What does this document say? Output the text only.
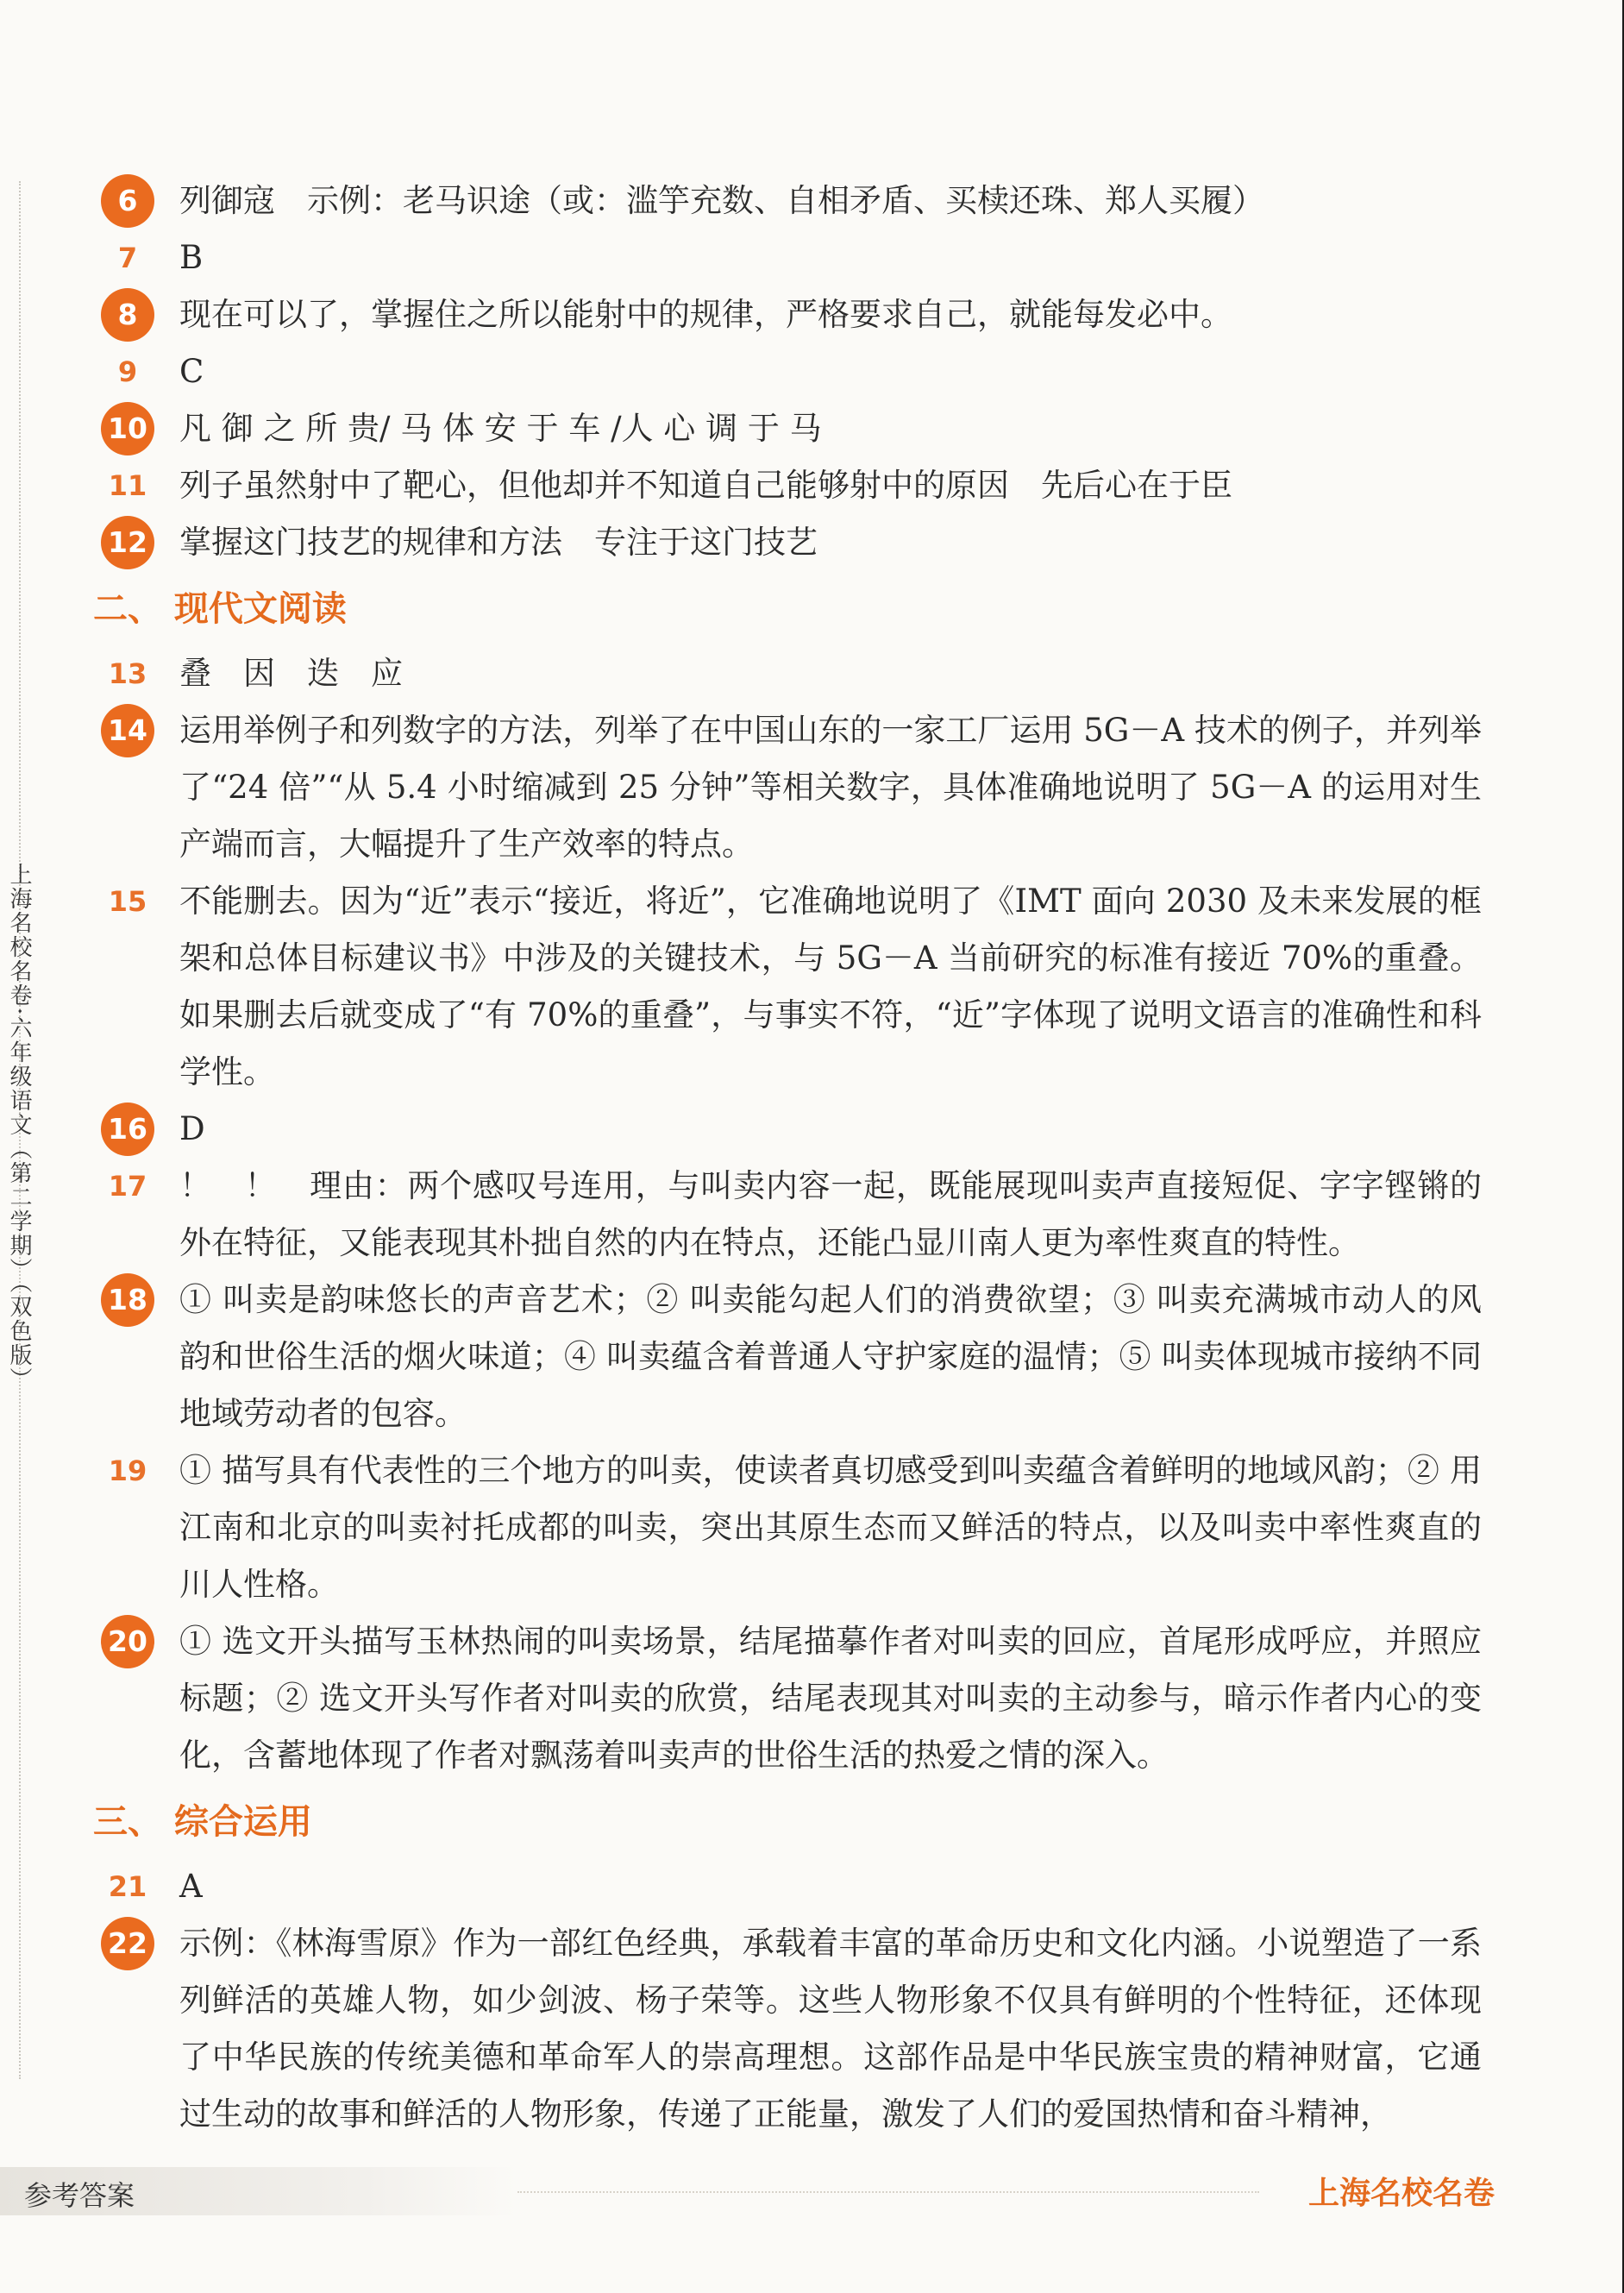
上海名校名卷·六年级语文（第二学期）（双色版）
6	列御寇　示例：老马识途（或：滥竽充数、自相矛盾、买椟还珠、郑人买履）
7	B
8	现在可以了，掌握住之所以能射中的规律，严格要求自己，就能每发必中。
9	C
10	凡 御 之 所 贵/ 马 体 安 于 车 /人 心 调 于 马
11	列子虽然射中了靶心，但他却并不知道自己能够射中的原因　先后心在于臣
12	掌握这门技艺的规律和方法　专注于这门技艺
二、 现代文阅读
13	叠　因　迭　应
14	运用举例子和列数字的方法，列举了在中国山东的一家工厂运用 5G－A 技术的例子，并列举了“24 倍”“从 5.4 小时缩减到 25 分钟”等相关数字，具体准确地说明了 5G－A 的运用对生产端而言，大幅提升了生产效率的特点。
15	不能删去。因为“近”表示“接近，将近”，它准确地说明了《IMT 面向 2030 及未来发展的框架和总体目标建议书》中涉及的关键技术，与 5G－A 当前研究的标准有接近 70%的重叠。如果删去后就变成了“有 70%的重叠”，与事实不符，“近”字体现了说明文语言的准确性和科学性。
16	D
17	！　！　理由：两个感叹号连用，与叫卖内容一起，既能展现叫卖声直接短促、字字铿锵的外在特征，又能表现其朴拙自然的内在特点，还能凸显川南人更为率性爽直的特性。
18	① 叫卖是韵味悠长的声音艺术；② 叫卖能勾起人们的消费欲望；③ 叫卖充满城市动人的风韵和世俗生活的烟火味道；④ 叫卖蕴含着普通人守护家庭的温情；⑤ 叫卖体现城市接纳不同地域劳动者的包容。
19	① 描写具有代表性的三个地方的叫卖，使读者真切感受到叫卖蕴含着鲜明的地域风韵；② 用江南和北京的叫卖衬托成都的叫卖，突出其原生态而又鲜活的特点，以及叫卖中率性爽直的川人性格。
20	① 选文开头描写玉林热闹的叫卖场景，结尾描摹作者对叫卖的回应，首尾形成呼应，并照应标题；② 选文开头写作者对叫卖的欣赏，结尾表现其对叫卖的主动参与，暗示作者内心的变化，含蓄地体现了作者对飘荡着叫卖声的世俗生活的热爱之情的深入。
三、 综合运用
21	A
22	示例：《林海雪原》作为一部红色经典，承载着丰富的革命历史和文化内涵。小说塑造了一系列鲜活的英雄人物，如少剑波、杨子荣等。这些人物形象不仅具有鲜明的个性特征，还体现了中华民族的传统美德和革命军人的崇高理想。这部作品是中华民族宝贵的精神财富，它通过生动的故事和鲜活的人物形象，传递了正能量，激发了人们的爱国热情和奋斗精神，
参考答案	上海名校名卷
